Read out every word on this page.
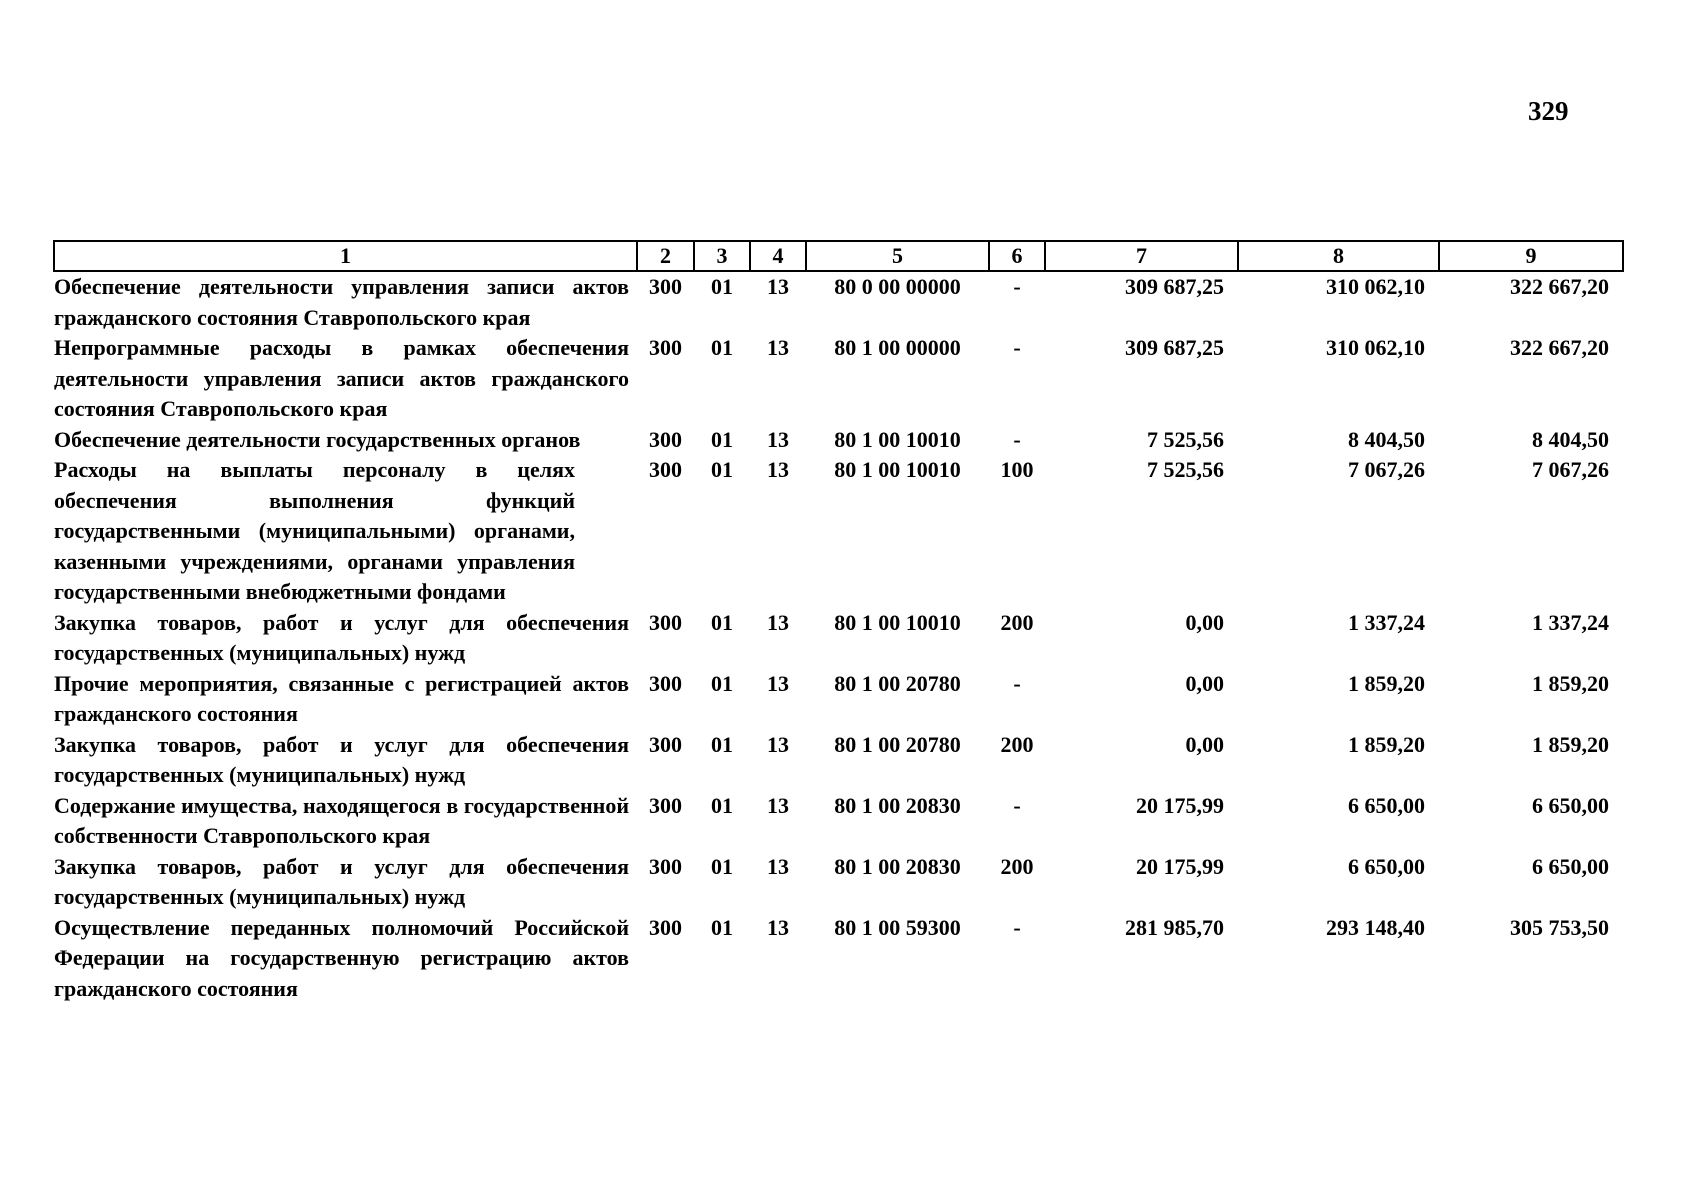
329
1	2	3	4	5	6	7	8	9
Обеспечение деятельности управления записи актов гражданского состояния Ставропольского края	300	01	13	80 0 00 00000	-	309 687,25	310 062,10	322 667,20
Непрограммные расходы в рамках обеспечения деятельности управления записи актов гражданского состояния Ставропольского края	300	01	13	80 1 00 00000	-	309 687,25	310 062,10	322 667,20
Обеспечение деятельности государственных органов	300	01	13	80 1 00 10010	-	7 525,56	8 404,50	8 404,50
Расходы на выплаты персоналу в целях обеспечения выполнения функций государственными (муниципальными) органами, казенными учреждениями, органами управления государственными внебюджетными фондами	300	01	13	80 1 00 10010	100	7 525,56	7 067,26	7 067,26
Закупка товаров, работ и услуг для обеспечения государственных (муниципальных) нужд	300	01	13	80 1 00 10010	200	0,00	1 337,24	1 337,24
Прочие мероприятия, связанные с регистрацией актов гражданского состояния	300	01	13	80 1 00 20780	-	0,00	1 859,20	1 859,20
Закупка товаров, работ и услуг для обеспечения государственных (муниципальных) нужд	300	01	13	80 1 00 20780	200	0,00	1 859,20	1 859,20
Содержание имущества, находящегося в государственной собственности Ставропольского края	300	01	13	80 1 00 20830	-	20 175,99	6 650,00	6 650,00
Закупка товаров, работ и услуг для обеспечения государственных (муниципальных) нужд	300	01	13	80 1 00 20830	200	20 175,99	6 650,00	6 650,00
Осуществление переданных полномочий Российской Федерации на государственную регистрацию актов гражданского состояния	300	01	13	80 1 00 59300	-	281 985,70	293 148,40	305 753,50
